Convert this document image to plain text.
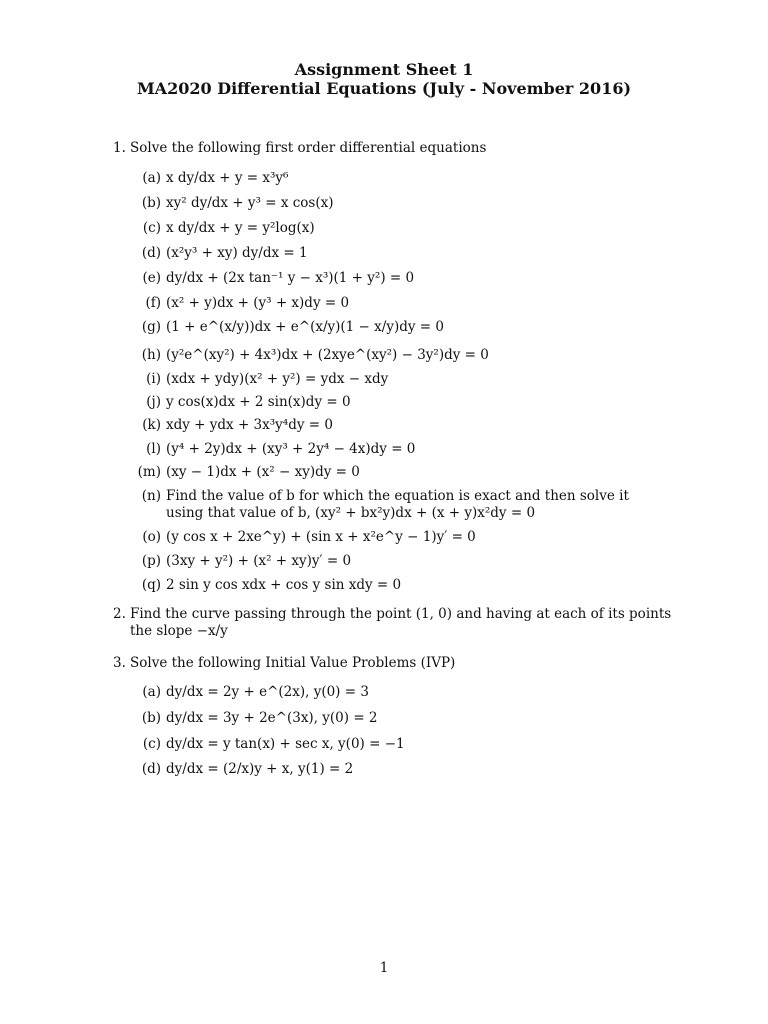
Assignment Sheet 1
MA2020 Differential Equations (July - November 2016)
1. Solve the following first order differential equations
(a) x dy/dx + y = x³y⁶
(b) xy² dy/dx + y³ = x cos(x)
(c) x dy/dx + y = y²log(x)
(d) (x²y³ + xy) dy/dx = 1
(e) dy/dx + (2x tan⁻¹ y − x³)(1 + y²) = 0
(f) (x² + y)dx + (y³ + x)dy = 0
(g) (1 + e^(x/y))dx + e^(x/y)(1 − x/y)dy = 0
(h) (y²e^(xy²) + 4x³)dx + (2xye^(xy²) − 3y²)dy = 0
(i) (xdx + ydy)(x² + y²) = ydx − xdy
(j) y cos(x)dx + 2 sin(x)dy = 0
(k) xdy + ydx + 3x³y⁴dy = 0
(l) (y⁴ + 2y)dx + (xy³ + 2y⁴ − 4x)dy = 0
(m) (xy − 1)dx + (x² − xy)dy = 0
(n) Find the value of b for which the equation is exact and then solve it using that value of b, (xy² + bx²y)dx + (x + y)x²dy = 0
(o) (y cos x + 2xe^y) + (sin x + x²e^y − 1)y′ = 0
(p) (3xy + y²) + (x² + xy)y′ = 0
(q) 2 sin y cos xdx + cos y sin xdy = 0
2. Find the curve passing through the point (1, 0) and having at each of its points the slope −x/y
3. Solve the following Initial Value Problems (IVP)
(a) dy/dx = 2y + e^(2x), y(0) = 3
(b) dy/dx = 3y + 2e^(3x), y(0) = 2
(c) dy/dx = y tan(x) + sec x, y(0) = −1
(d) dy/dx = (2/x)y + x, y(1) = 2
1
